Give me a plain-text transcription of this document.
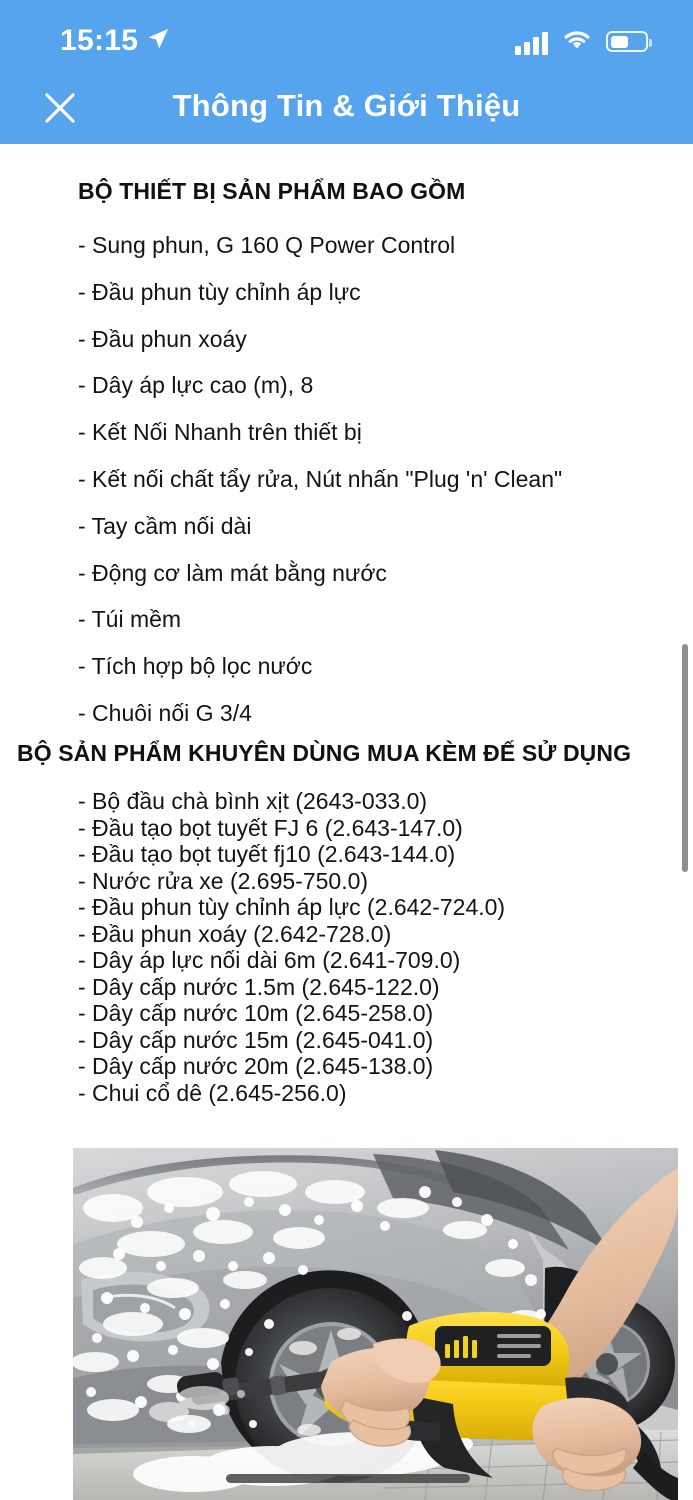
15:15
Thông Tin & Giới Thiệu
BỘ THIẾT BỊ SẢN PHẨM BAO GỒM
- Sung phun, G 160 Q Power Control
- Đầu phun tùy chỉnh áp lực
- Đầu phun xoáy
- Dây áp lực cao (m), 8
- Kết Nối Nhanh trên thiết bị
- Kết nối chất tẩy rửa, Nút nhấn "Plug 'n' Clean"
- Tay cầm nối dài
- Động cơ làm mát bằng nước
- Túi mềm
- Tích hợp bộ lọc nước
- Chuôi nối G 3/4
BỘ SẢN PHẨM KHUYÊN DÙNG MUA KÈM ĐẾ SỬ DỤNG
- Bộ đầu chà bình xịt (2643-033.0)
- Đầu tạo bọt tuyết FJ 6 (2.643-147.0)
- Đầu tạo bọt tuyết fj10 (2.643-144.0)
- Nước rửa xe (2.695-750.0)
- Đầu phun tùy chỉnh áp lực (2.642-724.0)
- Đầu phun xoáy (2.642-728.0)
- Dây áp lực nối dài 6m (2.641-709.0)
- Dây cấp nước 1.5m (2.645-122.0)
- Dây cấp nước 10m (2.645-258.0)
- Dây cấp nước 15m (2.645-041.0)
- Dây cấp nước 20m (2.645-138.0)
- Chui cổ dê (2.645-256.0)
